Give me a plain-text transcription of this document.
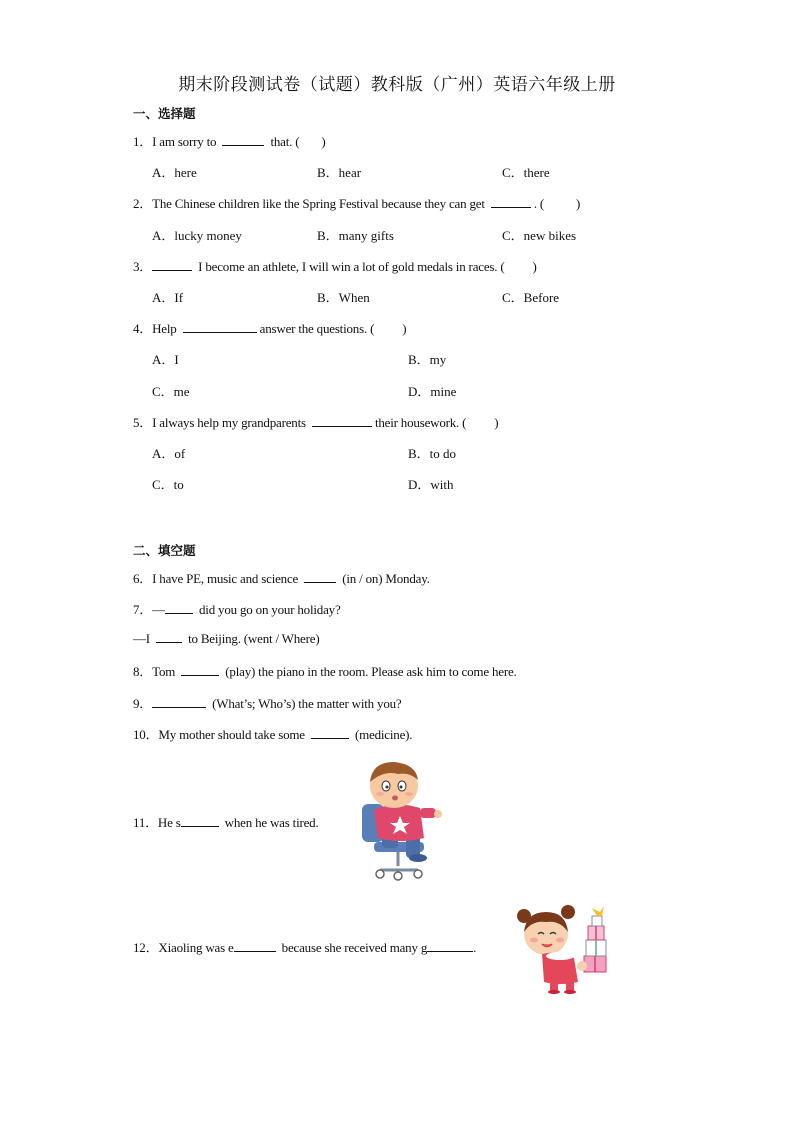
期末阶段测试卷（试题）教科版（广州）英语六年级上册
一、选择题
1．I am sorry to	that. ( )
A．here	B．hear	C．there
2．The Chinese children like the Spring Festival because they can get	. ( )
A．lucky money	B．many gifts	C．new bikes
3．	I become an athlete, I will win a lot of gold medals in races. ( )
A．If	B．When	C．Before
4．Help	answer the questions. ( )
A．I	B．my
C．me	D．mine
5．I always help my grandparents	their housework. ( )
A．of	B．to do
C．to	D．with
二、填空题
6．I have PE, music and science	(in / on) Monday.
7．—	did you go on your holiday?
—I	to Beijing. (went / Where)
8．Tom	(play) the piano in the room. Please ask him to come here.
9．	(What’s; Who’s) the matter with you?
10．My mother should take some	(medicine).
11．He s	when he was tired.
12．Xiaoling was e	because she received many g	.
